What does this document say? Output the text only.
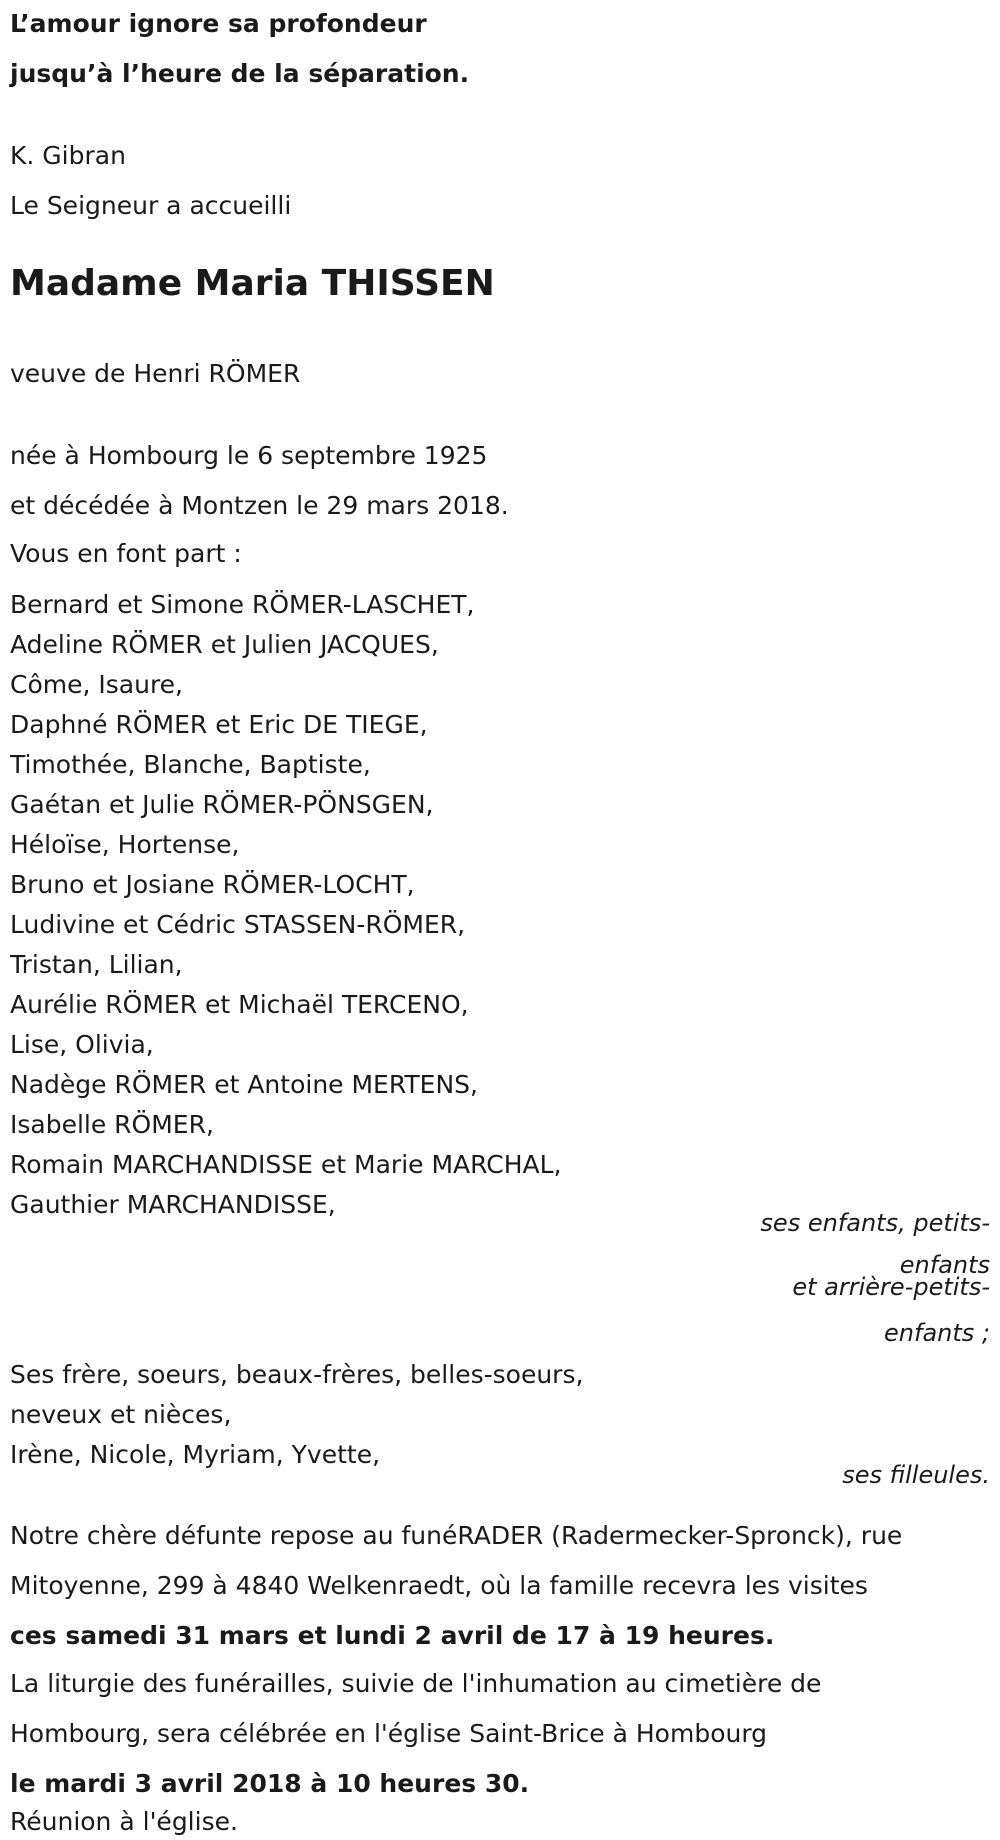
L’amour ignore sa profondeur
jusqu’à l’heure de la séparation.
K. Gibran
Le Seigneur a accueilli
Madame Maria THISSEN
veuve de Henri RÖMER
née à Hombourg le 6 septembre 1925
et décédée à Montzen le 29 mars 2018.
Vous en font part :
Bernard et Simone RÖMER-LASCHET,
Adeline RÖMER et Julien JACQUES,
Côme, Isaure,
Daphné RÖMER et Eric DE TIEGE,
Timothée, Blanche, Baptiste,
Gaétan et Julie RÖMER-PÖNSGEN,
Héloïse, Hortense,
Bruno et Josiane RÖMER-LOCHT,
Ludivine et Cédric STASSEN-RÖMER,
Tristan, Lilian,
Aurélie RÖMER et Michaël TERCENO,
Lise, Olivia,
Nadège RÖMER et Antoine MERTENS,
Isabelle RÖMER,
Romain MARCHANDISSE et Marie MARCHAL,
Gauthier MARCHANDISSE,
ses enfants, petits-
enfants
et arrière-petits-
enfants ;
Ses frère, soeurs, beaux-frères, belles-soeurs,
neveux et nièces,
Irène, Nicole, Myriam, Yvette,
ses filleules.
Notre chère défunte repose au funéRADER (Radermecker-Spronck), rue
Mitoyenne, 299 à 4840 Welkenraedt, où la famille recevra les visites
ces samedi 31 mars et lundi 2 avril de 17 à 19 heures.
La liturgie des funérailles, suivie de l'inhumation au cimetière de
Hombourg, sera célébrée en l'église Saint-Brice à Hombourg
le mardi 3 avril 2018 à 10 heures 30.
Réunion à l'église.
